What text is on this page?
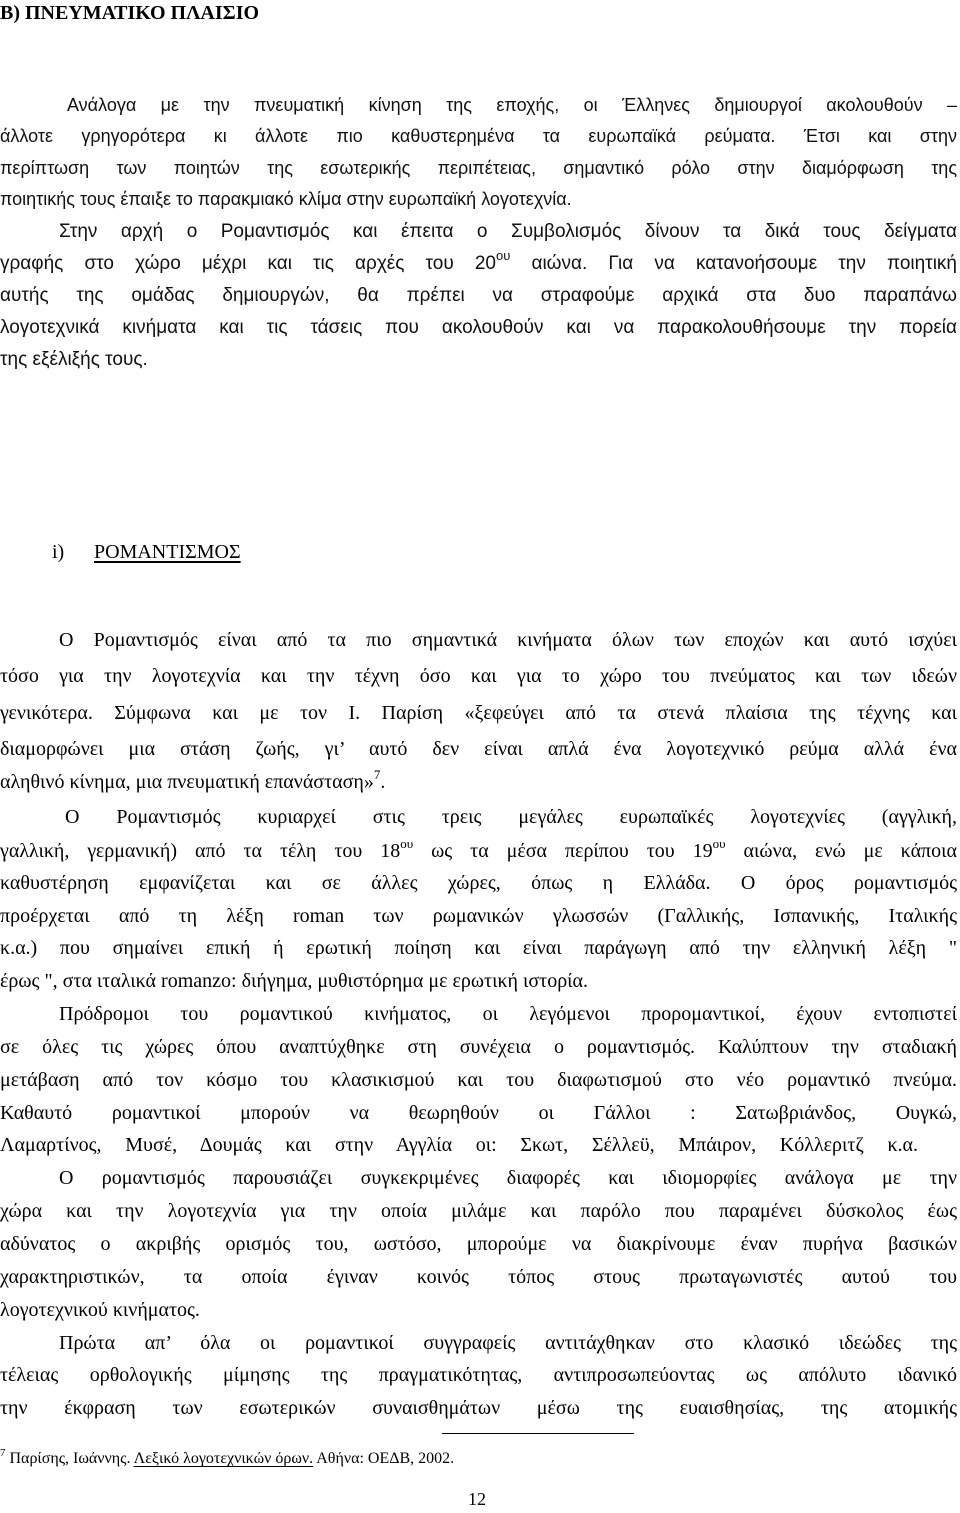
Β) ΠΝΕΥΜΑΤΙΚΟ ΠΛΑΙΣΙΟ
Ανάλογα με την πνευματική κίνηση της εποχής, οι Έλληνες δημιουργοί ακολουθούν –
άλλοτε γρηγορότερα κι άλλοτε πιο καθυστερημένα τα ευρωπαϊκά ρεύματα. Έτσι και στην
περίπτωση των ποιητών της εσωτερικής περιπέτειας, σημαντικό ρόλο στην διαμόρφωση της
ποιητικής τους έπαιξε το παρακμιακό κλίμα στην ευρωπαϊκή λογοτεχνία.
Στην αρχή ο Ρομαντισμός και έπειτα ο Συμβολισμός δίνουν τα δικά τους δείγματα
γραφής στο χώρο μέχρι και τις αρχές του $20^{o\upsilon}$ αιώνα. Για να κατανοήσουμε την ποιητική
αυτής της ομάδας δημιουργών, θα πρέπει να στραφούμε αρχικά στα δυο παραπάνω
λογοτεχνικά κινήματα και τις τάσεις που ακολουθούν και να παρακολουθήσουμε την πορεία
της εξέλιξής τους.
i) ΡΟΜΑΝΤΙΣΜΟΣ
Ο Ρομαντισμός είναι από τα πιο σημαντικά κινήματα όλων των εποχών και αυτό ισχύει
τόσο για την λογοτεχνία και την τέχνη όσο και για το χώρο του πνεύματος και των ιδεών
γενικότερα. Σύμφωνα και με τον Ι. Παρίση «ξεφεύγει από τα στενά πλαίσια της τέχνης και
διαμορφώνει μια στάση ζωής, γι’ αυτό δεν είναι απλά ένα λογοτεχνικό ρεύμα αλλά ένα
αληθινό κίνημα, μια πνευματική επανάσταση»$^7$.
Ο Ρομαντισμός κυριαρχεί στις τρεις μεγάλες ευρωπαϊκές λογοτεχνίες (αγγλική,
γαλλική, γερμανική) από τα τέλη του $18^{o\upsilon}$ ως τα μέσα περίπου του $19^{o\upsilon}$ αιώνα, ενώ με κάποια
καθυστέρηση εμφανίζεται και σε άλλες χώρες, όπως η Ελλάδα. Ο όρος ρομαντισμός
προέρχεται από τη λέξη roman των ρωμανικών γλωσσών (Γαλλικής, Ισπανικής, Ιταλικής
κ.α.) που σημαίνει επική ή ερωτική ποίηση και είναι παράγωγη από την ελληνική λέξη "
έρως ", στα ιταλικά romanzo: διήγημα, μυθιστόρημα με ερωτική ιστορία.
Πρόδρομοι του ρομαντικού κινήματος, οι λεγόμενοι προρομαντικοί, έχουν εντοπιστεί
σε όλες τις χώρες όπου αναπτύχθηκε στη συνέχεια ο ρομαντισμός. Καλύπτουν την σταδιακή
μετάβαση από τον κόσμο του κλασικισμού και του διαφωτισμού στο νέο ρομαντικό πνεύμα.
Καθαυτό ρομαντικοί μπορούν να θεωρηθούν οι Γάλλοι : Σατωβριάνδος, Ουγκώ,
Λαμαρτίνος, Μυσέ, Δουμάς και στην Αγγλία οι: Σκωτ, Σέλλεϋ, Μπάιρον, Κόλλεριτζ κ.α.
Ο ρομαντισμός παρουσιάζει συγκεκριμένες διαφορές και ιδιομορφίες ανάλογα με την
χώρα και την λογοτεχνία για την οποία μιλάμε και παρόλο που παραμένει δύσκολος έως
αδύνατος ο ακριβής ορισμός του, ωστόσο, μπορούμε να διακρίνουμε έναν πυρήνα βασικών
χαρακτηριστικών, τα οποία έγιναν κοινός τόπος στους πρωταγωνιστές αυτού του
λογοτεχνικού κινήματος.
Πρώτα απ’ όλα οι ρομαντικοί συγγραφείς αντιτάχθηκαν στο κλασικό ιδεώδες της
τέλειας ορθολογικής μίμησης της πραγματικότητας, αντιπροσωπεύοντας ως απόλυτο ιδανικό
την έκφραση των εσωτερικών συναισθημάτων μέσω της ευαισθησίας, της ατομικής
$^7$ Παρίσης, Ιωάννης. Λεξικό λογοτεχνικών όρων. Αθήνα: ΟΕΔΒ, 2002.
12
